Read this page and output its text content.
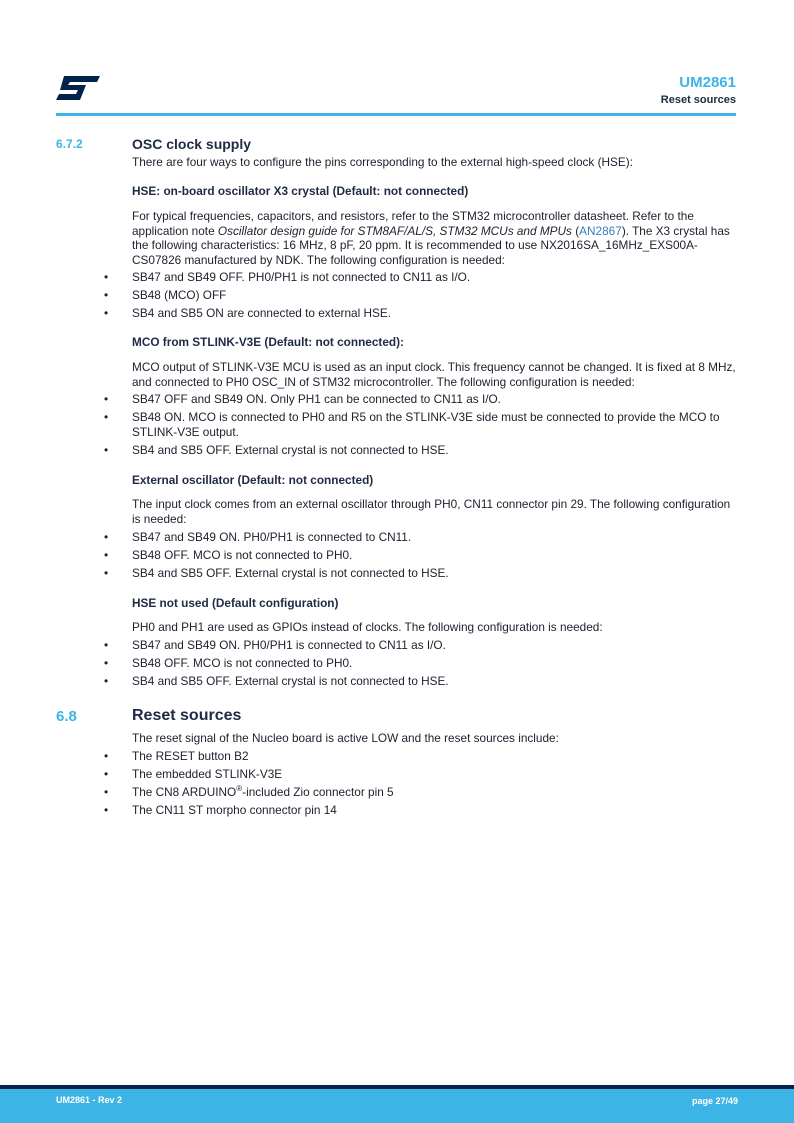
UM2861
Reset sources
6.7.2	OSC clock supply

There are four ways to configure the pins corresponding to the external high-speed clock (HSE):

HSE: on-board oscillator X3 crystal (Default: not connected)

For typical frequencies, capacitors, and resistors, refer to the STM32 microcontroller datasheet. Refer to the application note Oscillator design guide for STM8AF/AL/S, STM32 MCUs and MPUs (AN2867). The X3 crystal has the following characteristics: 16 MHz, 8 pF, 20 ppm. It is recommended to use NX2016SA_16MHz_EXS00A-CS07826 manufactured by NDK. The following configuration is needed:

• SB47 and SB49 OFF. PH0/PH1 is not connected to CN11 as I/O.
• SB48 (MCO) OFF
• SB4 and SB5 ON are connected to external HSE.

MCO from STLINK-V3E (Default: not connected):

MCO output of STLINK-V3E MCU is used as an input clock. This frequency cannot be changed. It is fixed at 8 MHz, and connected to PH0 OSC_IN of STM32 microcontroller. The following configuration is needed:

• SB47 OFF and SB49 ON. Only PH1 can be connected to CN11 as I/O.
• SB48 ON. MCO is connected to PH0 and R5 on the STLINK-V3E side must be connected to provide the MCO to STLINK-V3E output.
• SB4 and SB5 OFF. External crystal is not connected to HSE.

External oscillator (Default: not connected)

The input clock comes from an external oscillator through PH0, CN11 connector pin 29. The following configuration is needed:

• SB47 and SB49 ON. PH0/PH1 is connected to CN11.
• SB48 OFF. MCO is not connected to PH0.
• SB4 and SB5 OFF. External crystal is not connected to HSE.

HSE not used (Default configuration)

PH0 and PH1 are used as GPIOs instead of clocks. The following configuration is needed:

• SB47 and SB49 ON. PH0/PH1 is connected to CN11 as I/O.
• SB48 OFF. MCO is not connected to PH0.
• SB4 and SB5 OFF. External crystal is not connected to HSE.
6.8	Reset sources

The reset signal of the Nucleo board is active LOW and the reset sources include:

• The RESET button B2
• The embedded STLINK-V3E
• The CN8 ARDUINO®-included Zio connector pin 5
• The CN11 ST morpho connector pin 14
UM2861 - Rev 2	page 27/49
